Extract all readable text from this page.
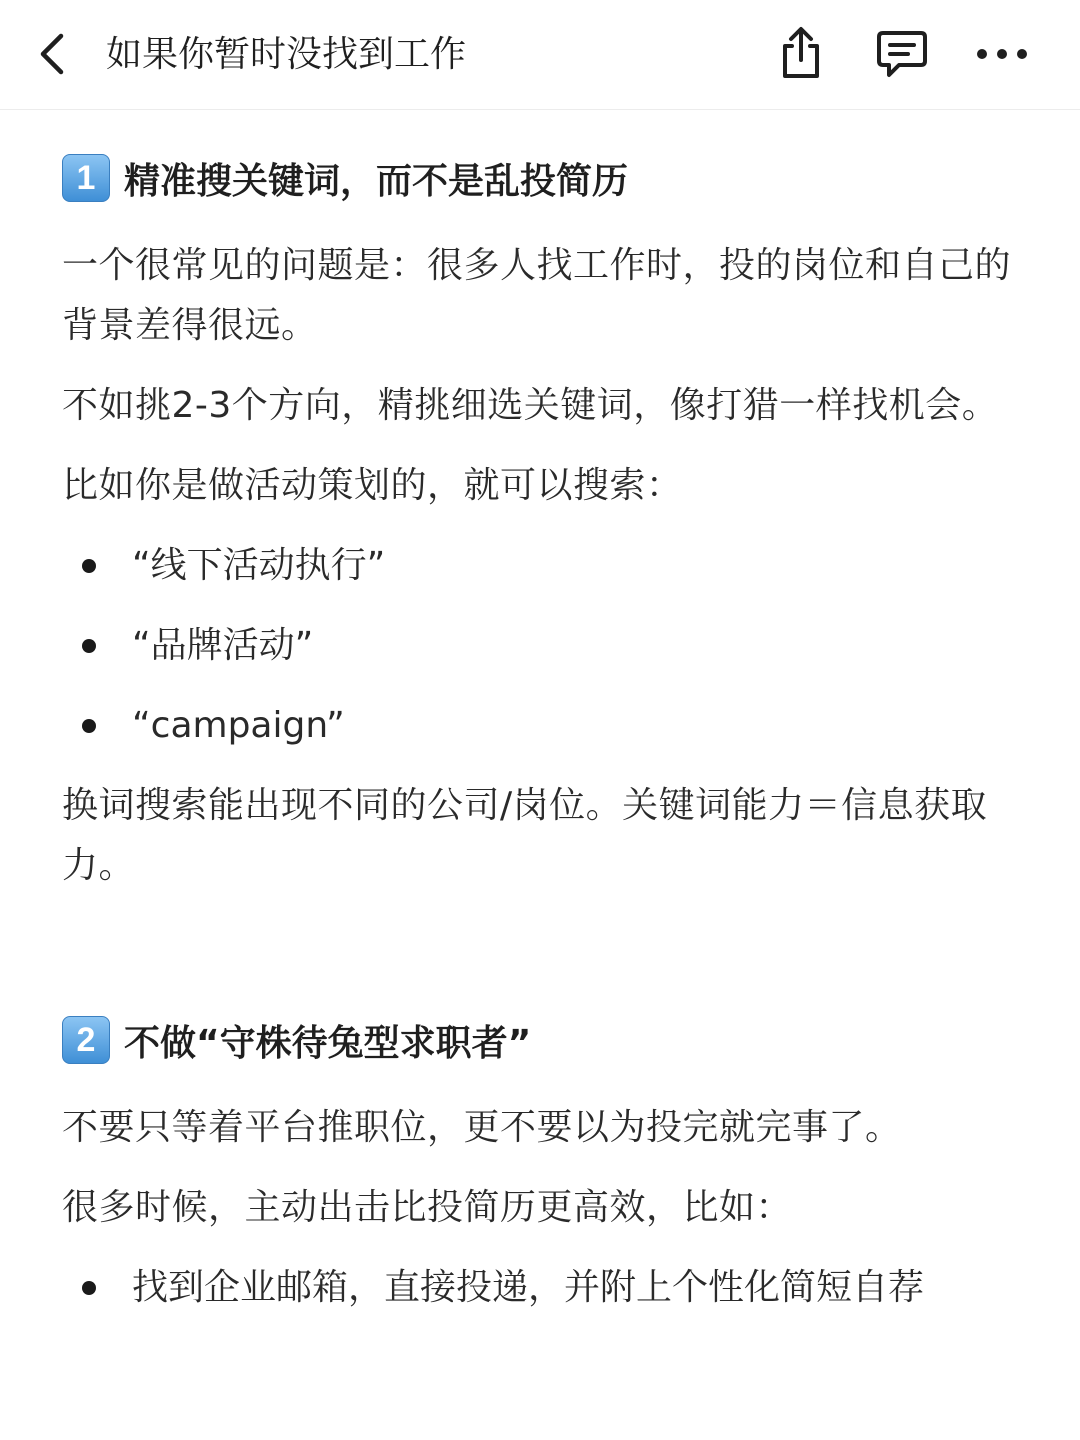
如果你暂时没找到工作
1 精准搜关键词，而不是乱投简历

一个很常见的问题是：很多人找工作时，投的岗位和自己的背景差得很远。

不如挑2-3个方向，精挑细选关键词，像打猎一样找机会。

比如你是做活动策划的，就可以搜索：

“线下活动执行”
“品牌活动”
“campaign”

换词搜索能出现不同的公司/岗位。关键词能力＝信息获取力。

2 不做“守株待兔型求职者”

不要只等着平台推职位，更不要以为投完就完事了。

很多时候，主动出击比投简历更高效，比如：

找到企业邮箱，直接投递，并附上个性化简短自荐
